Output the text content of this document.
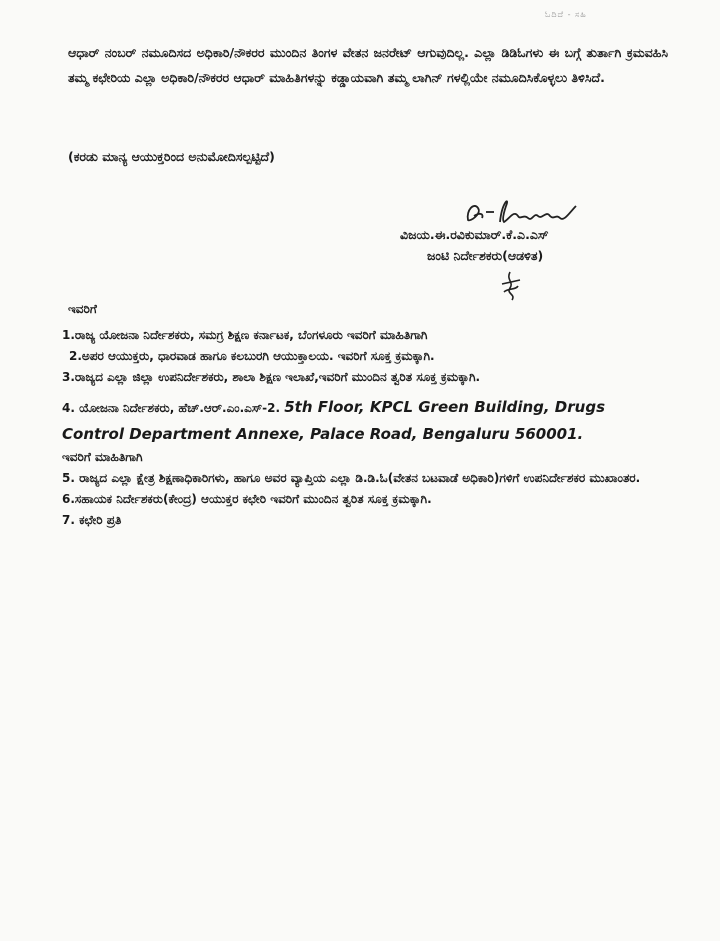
ಓದಿದೆ - ಸಹಿ

ಆಧಾರ್ ನಂಬರ್ ನಮೂದಿಸದ ಅಧಿಕಾರಿ/ನೌಕರರ ಮುಂದಿನ ತಿಂಗಳ ವೇತನ ಜನರೇಟ್ ಆಗುವುದಿಲ್ಲ. ಎಲ್ಲಾ ಡಿಡಿಓಗಳು ಈ ಬಗ್ಗೆ ತುರ್ತಾಗಿ ಕ್ರಮವಹಿಸಿ ತಮ್ಮ ಕಛೇರಿಯ ಎಲ್ಲಾ ಅಧಿಕಾರಿ/ನೌಕರರ ಆಧಾರ್ ಮಾಹಿತಿಗಳನ್ನು ಕಡ್ಡಾಯವಾಗಿ ತಮ್ಮ ಲಾಗಿನ್ ಗಳಲ್ಲಿಯೇ ನಮೂದಿಸಿಕೊಳ್ಳಲು ತಿಳಿಸಿದೆ.

(ಕರಡು ಮಾನ್ಯ ಆಯುಕ್ತರಿಂದ ಅನುಮೋದಿಸಲ್ಪಟ್ಟಿದೆ)
ವಿಜಯ.ಈ.ರವಿಕುಮಾರ್.ಕೆ.ಎ.ಎಸ್
ಜಂಟಿ ನಿರ್ದೇಶಕರು(ಆಡಳಿತ)
ಇವರಿಗೆ
1.ರಾಜ್ಯ ಯೋಜನಾ ನಿರ್ದೇಶಕರು, ಸಮಗ್ರ ಶಿಕ್ಷಣ ಕರ್ನಾಟಕ, ಬೆಂಗಳೂರು ಇವರಿಗೆ ಮಾಹಿತಿಗಾಗಿ
2.ಅಪರ ಆಯುಕ್ತರು, ಧಾರವಾಡ ಹಾಗೂ ಕಲಬುರಗಿ ಆಯುಕ್ತಾಲಯ. ಇವರಿಗೆ ಸೂಕ್ತ ಕ್ರಮಕ್ಕಾಗಿ.
3.ರಾಜ್ಯದ ಎಲ್ಲಾ ಜಿಲ್ಲಾ ಉಪನಿರ್ದೇಶಕರು, ಶಾಲಾ ಶಿಕ್ಷಣ ಇಲಾಖೆ,ಇವರಿಗೆ ಮುಂದಿನ ತ್ವರಿತ ಸೂಕ್ತ ಕ್ರಮಕ್ಕಾಗಿ.
4. ಯೋಜನಾ ನಿರ್ದೇಶಕರು, ಹೆಚ್.ಆರ್.ಎಂ.ಎಸ್-2. 5th Floor, KPCL Green Building, Drugs Control Department Annexe, Palace Road, Bengaluru 560001.
ಇವರಿಗೆ ಮಾಹಿತಿಗಾಗಿ
5. ರಾಜ್ಯದ ಎಲ್ಲಾ ಕ್ಷೇತ್ರ ಶಿಕ್ಷಣಾಧಿಕಾರಿಗಳು, ಹಾಗೂ ಅವರ ವ್ಯಾಪ್ತಿಯ ಎಲ್ಲಾ ಡಿ.ಡಿ.ಓ(ವೇತನ ಬಟವಾಡೆ ಅಧಿಕಾರಿ)ಗಳಿಗೆ ಉಪನಿರ್ದೇಶಕರ ಮುಖಾಂತರ.
6.ಸಹಾಯಕ ನಿರ್ದೇಶಕರು(ಕೇಂದ್ರ) ಆಯುಕ್ತರ ಕಛೇರಿ ಇವರಿಗೆ ಮುಂದಿನ ತ್ವರಿತ ಸೂಕ್ತ ಕ್ರಮಕ್ಕಾಗಿ.
7. ಕಛೇರಿ ಪ್ರತಿ
